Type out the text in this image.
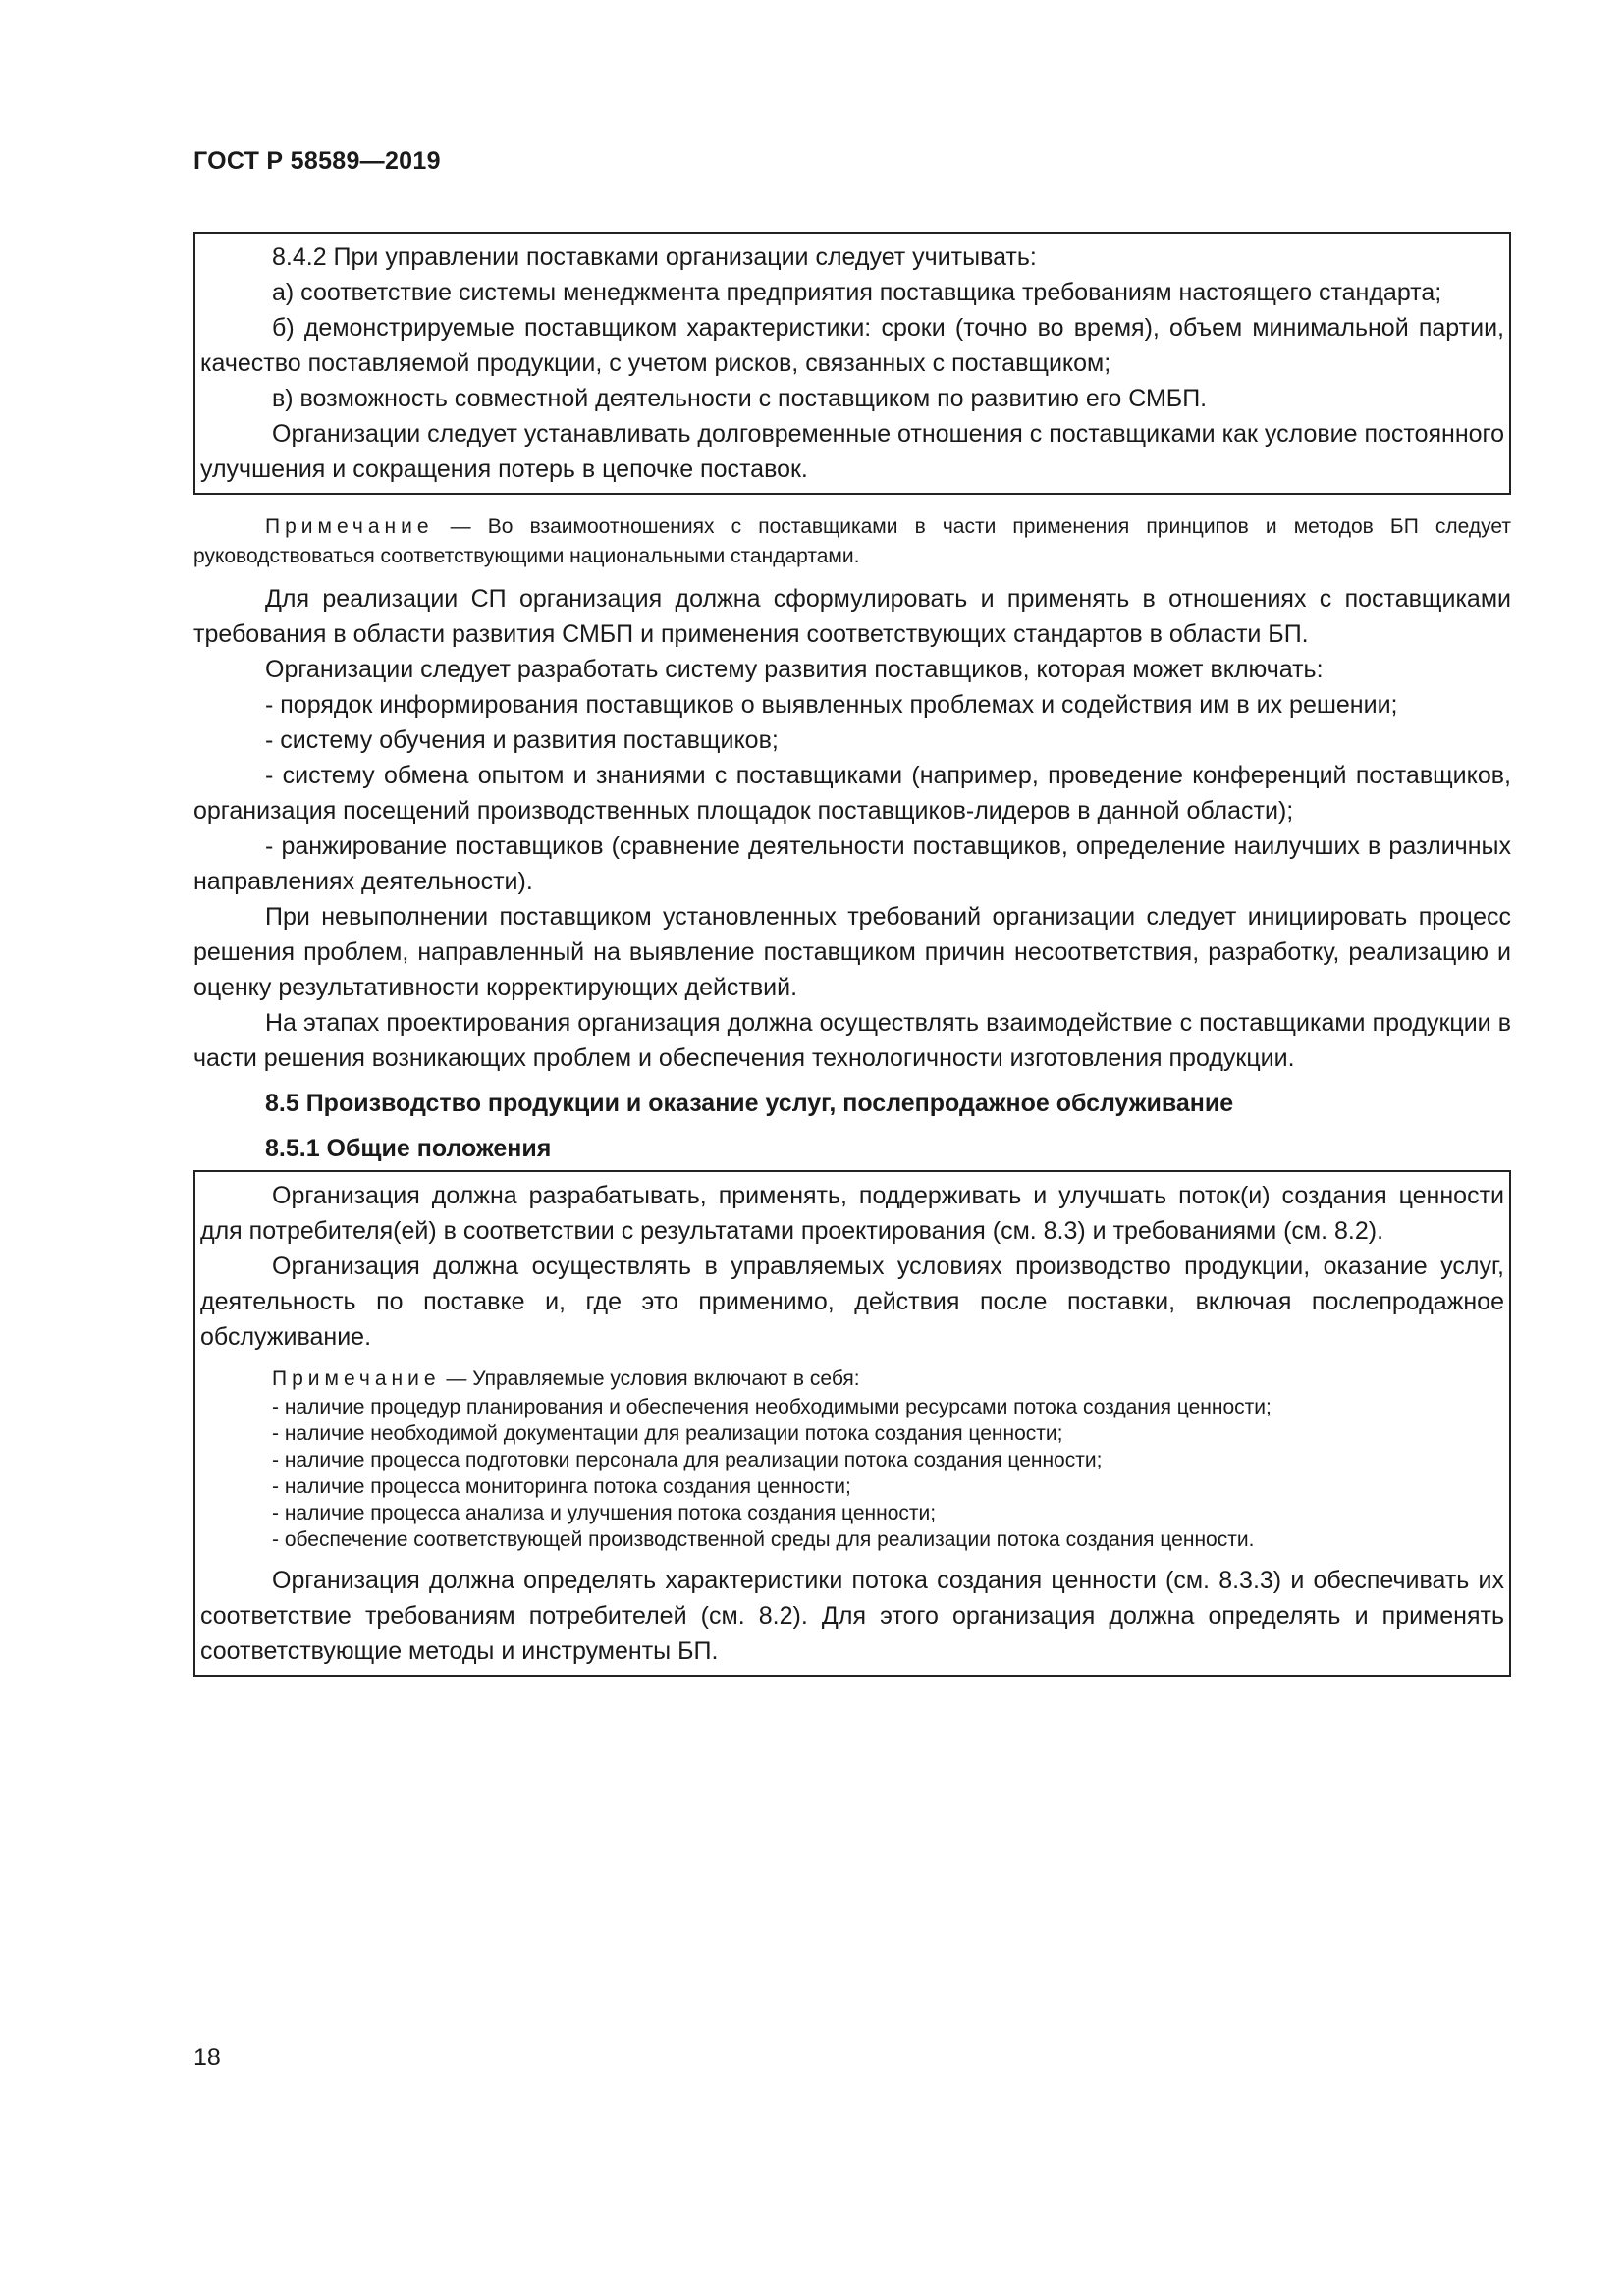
ГОСТ Р 58589—2019

8.4.2 При управлении поставками организации следует учитывать:

а) соответствие системы менеджмента предприятия поставщика требованиям настоящего стандарта;

б) демонстрируемые поставщиком характеристики: сроки (точно во время), объем минимальной партии, качество поставляемой продукции, с учетом рисков, связанных с поставщиком;

в) возможность совместной деятельности с поставщиком по развитию его СМБП.

Организации следует устанавливать долговременные отношения с поставщиками как условие постоянного улучшения и сокращения потерь в цепочке поставок.

Примечание — Во взаимоотношениях с поставщиками в части применения принципов и методов БП следует руководствоваться соответствующими национальными стандартами.

Для реализации СП организация должна сформулировать и применять в отношениях с поставщиками требования в области развития СМБП и применения соответствующих стандартов в области БП.

Организации следует разработать систему развития поставщиков, которая может включать:

- порядок информирования поставщиков о выявленных проблемах и содействия им в их решении;

- систему обучения и развития поставщиков;

- систему обмена опытом и знаниями с поставщиками (например, проведение конференций поставщиков, организация посещений производственных площадок поставщиков-лидеров в данной области);

- ранжирование поставщиков (сравнение деятельности поставщиков, определение наилучших в различных направлениях деятельности).

При невыполнении поставщиком установленных требований организации следует инициировать процесс решения проблем, направленный на выявление поставщиком причин несоответствия, разработку, реализацию и оценку результативности корректирующих действий.

На этапах проектирования организация должна осуществлять взаимодействие с поставщиками продукции в части решения возникающих проблем и обеспечения технологичности изготовления продукции.

8.5 Производство продукции и оказание услуг, послепродажное обслуживание

8.5.1 Общие положения

Организация должна разрабатывать, применять, поддерживать и улучшать поток(и) создания ценности для потребителя(ей) в соответствии с результатами проектирования (см. 8.3) и требованиями (см. 8.2).

Организация должна осуществлять в управляемых условиях производство продукции, оказание услуг, деятельность по поставке и, где это применимо, действия после поставки, включая послепродажное обслуживание.

Примечание — Управляемые условия включают в себя:

- наличие процедур планирования и обеспечения необходимыми ресурсами потока создания ценности;
- наличие необходимой документации для реализации потока создания ценности;
- наличие процесса подготовки персонала для реализации потока создания ценности;
- наличие процесса мониторинга потока создания ценности;
- наличие процесса анализа и улучшения потока создания ценности;
- обеспечение соответствующей производственной среды для реализации потока создания ценности.

Организация должна определять характеристики потока создания ценности (см. 8.3.3) и обеспечивать их соответствие требованиям потребителей (см. 8.2). Для этого организация должна определять и применять соответствующие методы и инструменты БП.

18
